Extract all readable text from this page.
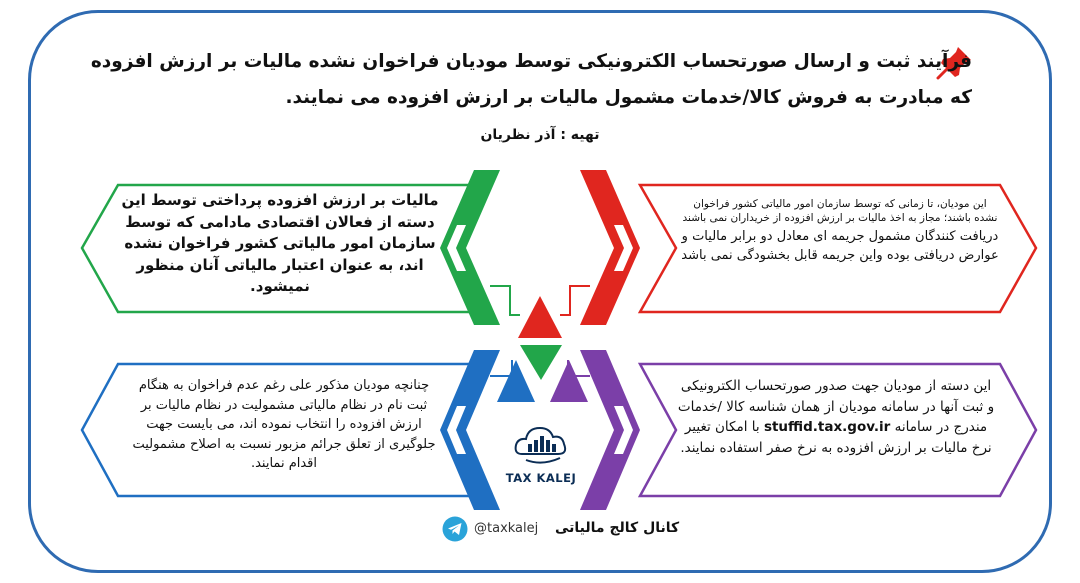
فرآیند ثبت و ارسال صورتحساب الکترونیکی توسط مودیان فراخوان نشده مالیات بر ارزش افزوده
که مبادرت به فروش کالا/خدمات مشمول مالیات بر ارزش افزوده می نمایند.
تهیه : آذر نظریان
مالیات بر ارزش افزوده پرداختی توسط این دسته از فعالان اقتصادی مادامی که توسط سازمان امور مالیاتی کشور فراخوان نشده اند، به عنوان اعتبار مالیاتی آنان منظور نمیشود.
این مودیان، تا زمانی که توسط سازمان امور مالیاتی کشور فراخوان نشده باشند؛ مجاز به اخذ مالیات بر ارزش افزوده از خریداران نمی باشند
دریافت کنندگان مشمول جریمه ای معادل دو برابر مالیات و عوارض دریافتی بوده واین جریمه قابل بخشودگی نمی باشد
چنانچه مودیان مذکور علی رغم عدم فراخوان به هنگام ثبت نام در نظام مالیاتی مشمولیت در نظام مالیات بر ارزش افزوده را انتخاب نموده اند، می بایست جهت جلوگیری از تعلق جرائم مزبور نسبت به اصلاح مشمولیت اقدام نمایند.
این دسته از مودیان جهت صدور صورتحساب الکترونیکی و ثبت آنها در سامانه مودیان از همان شناسه کالا /خدمات مندرج در سامانه stuffid.tax.gov.ir با امکان تغییر نرخ مالیات بر ارزش افزوده به نرخ صفر استفاده نمایند.
TAX KALEJ
@taxkalej کانال کالج مالیاتی
